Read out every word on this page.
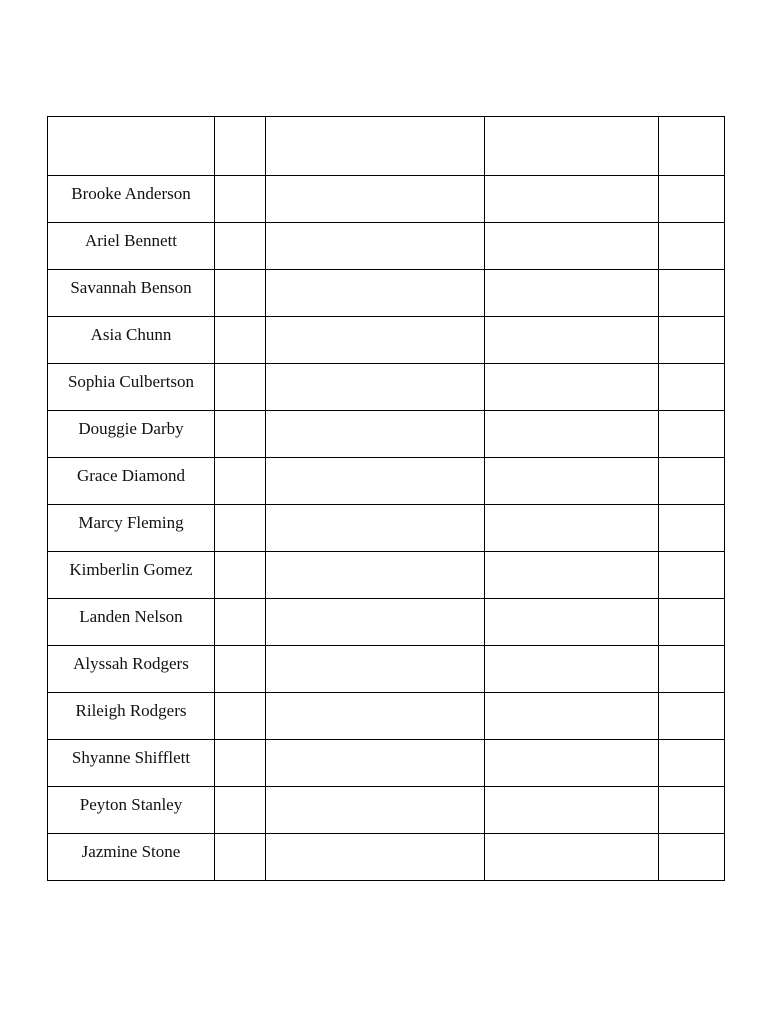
Brooke Anderson				

Ariel Bennett				

Savannah Benson				

Asia Chunn				

Sophia Culbertson				

Douggie Darby				

Grace Diamond				

Marcy Fleming				

Kimberlin Gomez				

Landen Nelson				

Alyssah Rodgers				

Rileigh Rodgers				

Shyanne Shifflett				

Peyton Stanley				

Jazmine Stone				
